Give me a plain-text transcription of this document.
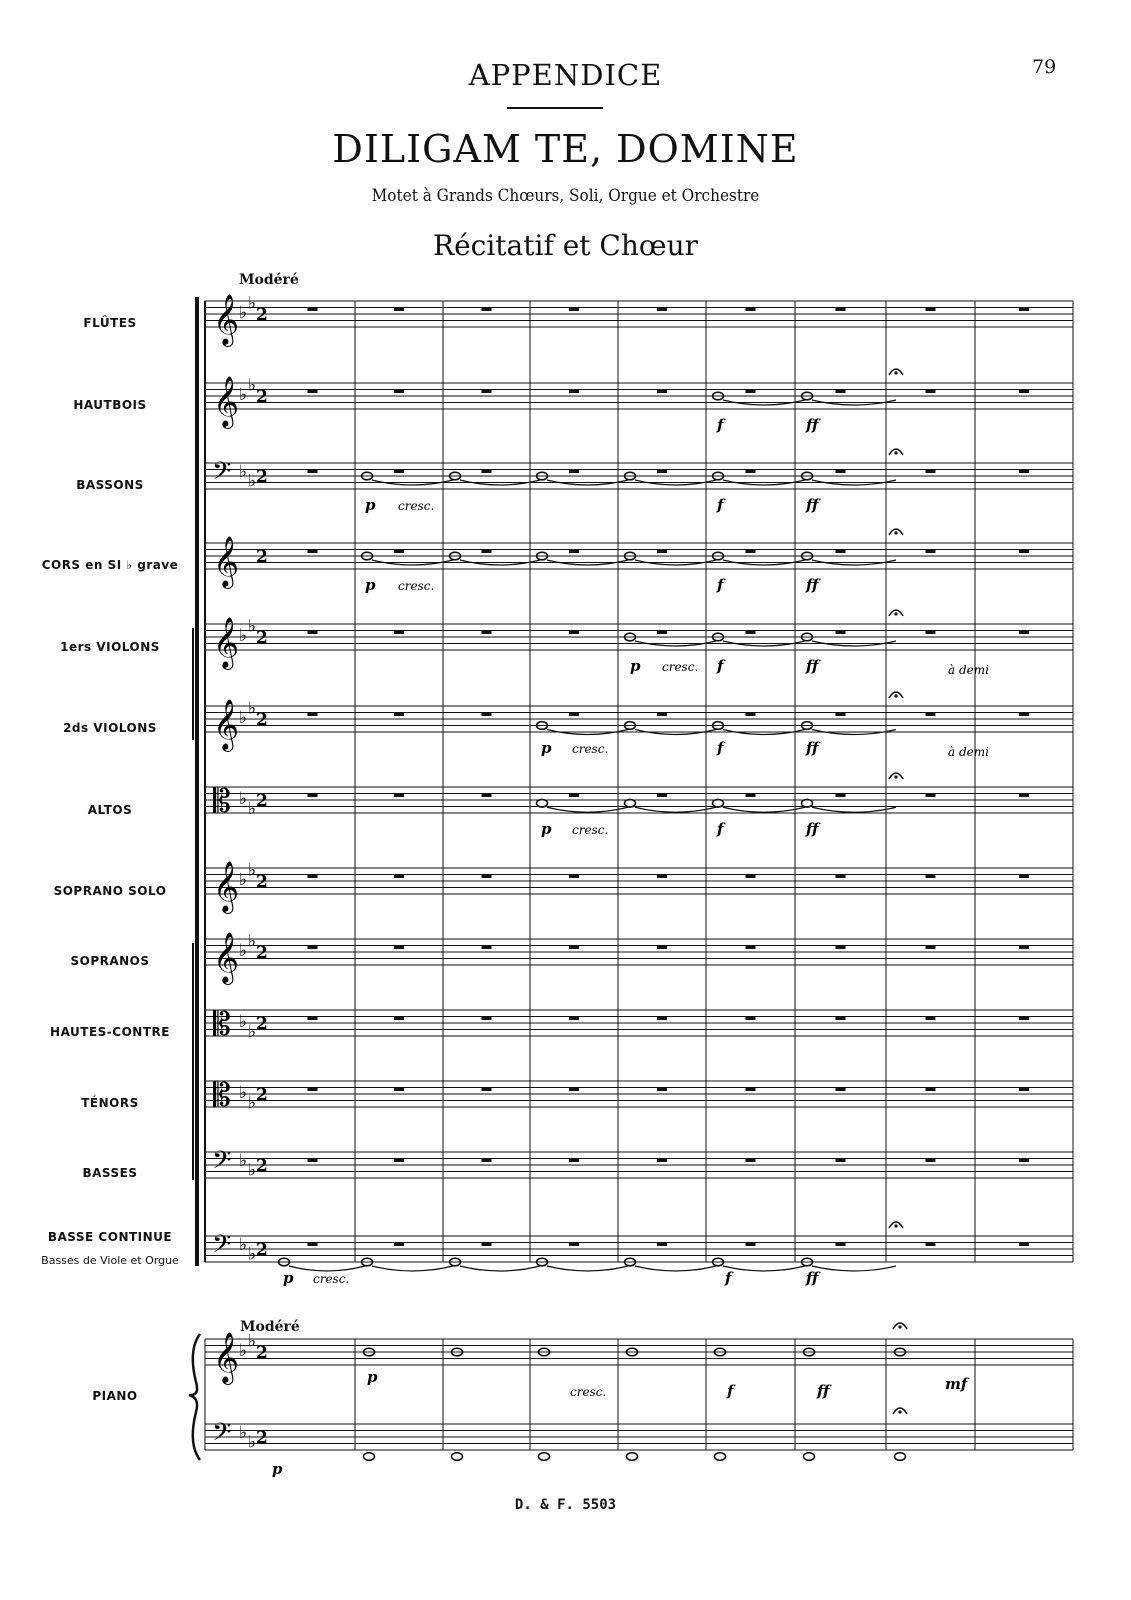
APPENDICE
DILIGAM TE, DOMINE
Motet à Grands Chœurs, Soli, Orgue et Orchestre
Récitatif et Chœur
79
Modéré
Modéré
FLÛTES
HAUTBOIS
BASSONS
CORS en SI ♭ grave
1ers VIOLONS
2ds VIOLONS
ALTOS
SOPRANO SOLO
SOPRANOS
HAUTES-CONTRE
TÉNORS
BASSES
BASSE CONTINUE
Basses de Viole et Orgue
PIANO
D. & F. 5503
𝄞 ♭ ♭
2
𝄞 ♭ ♭
2
𝄢 ♭ ♭ 2
𝄞 2
𝄞 ♭ ♭
2
𝄞 ♭ ♭
2
𝄡 ♭ ♭ 2
𝄞 ♭ ♭
2
𝄞 ♭ ♭
2
𝄡 ♭ ♭ 2
𝄡 ♭ ♭ 2
𝄢 ♭ ♭ 2
𝄢 ♭ ♭ 2
𝄞 ♭ ♭
2
𝄢 ♭ ♭ 2
p cresc.
p cresc.
f	ff
f	ff
f	ff
f	ff
f	ff
f	ff
p cresc.	à demi
à demi
p cresc.
p cresc.
p cresc.	f	ff
p
cresc.	f	ff	mf
p
